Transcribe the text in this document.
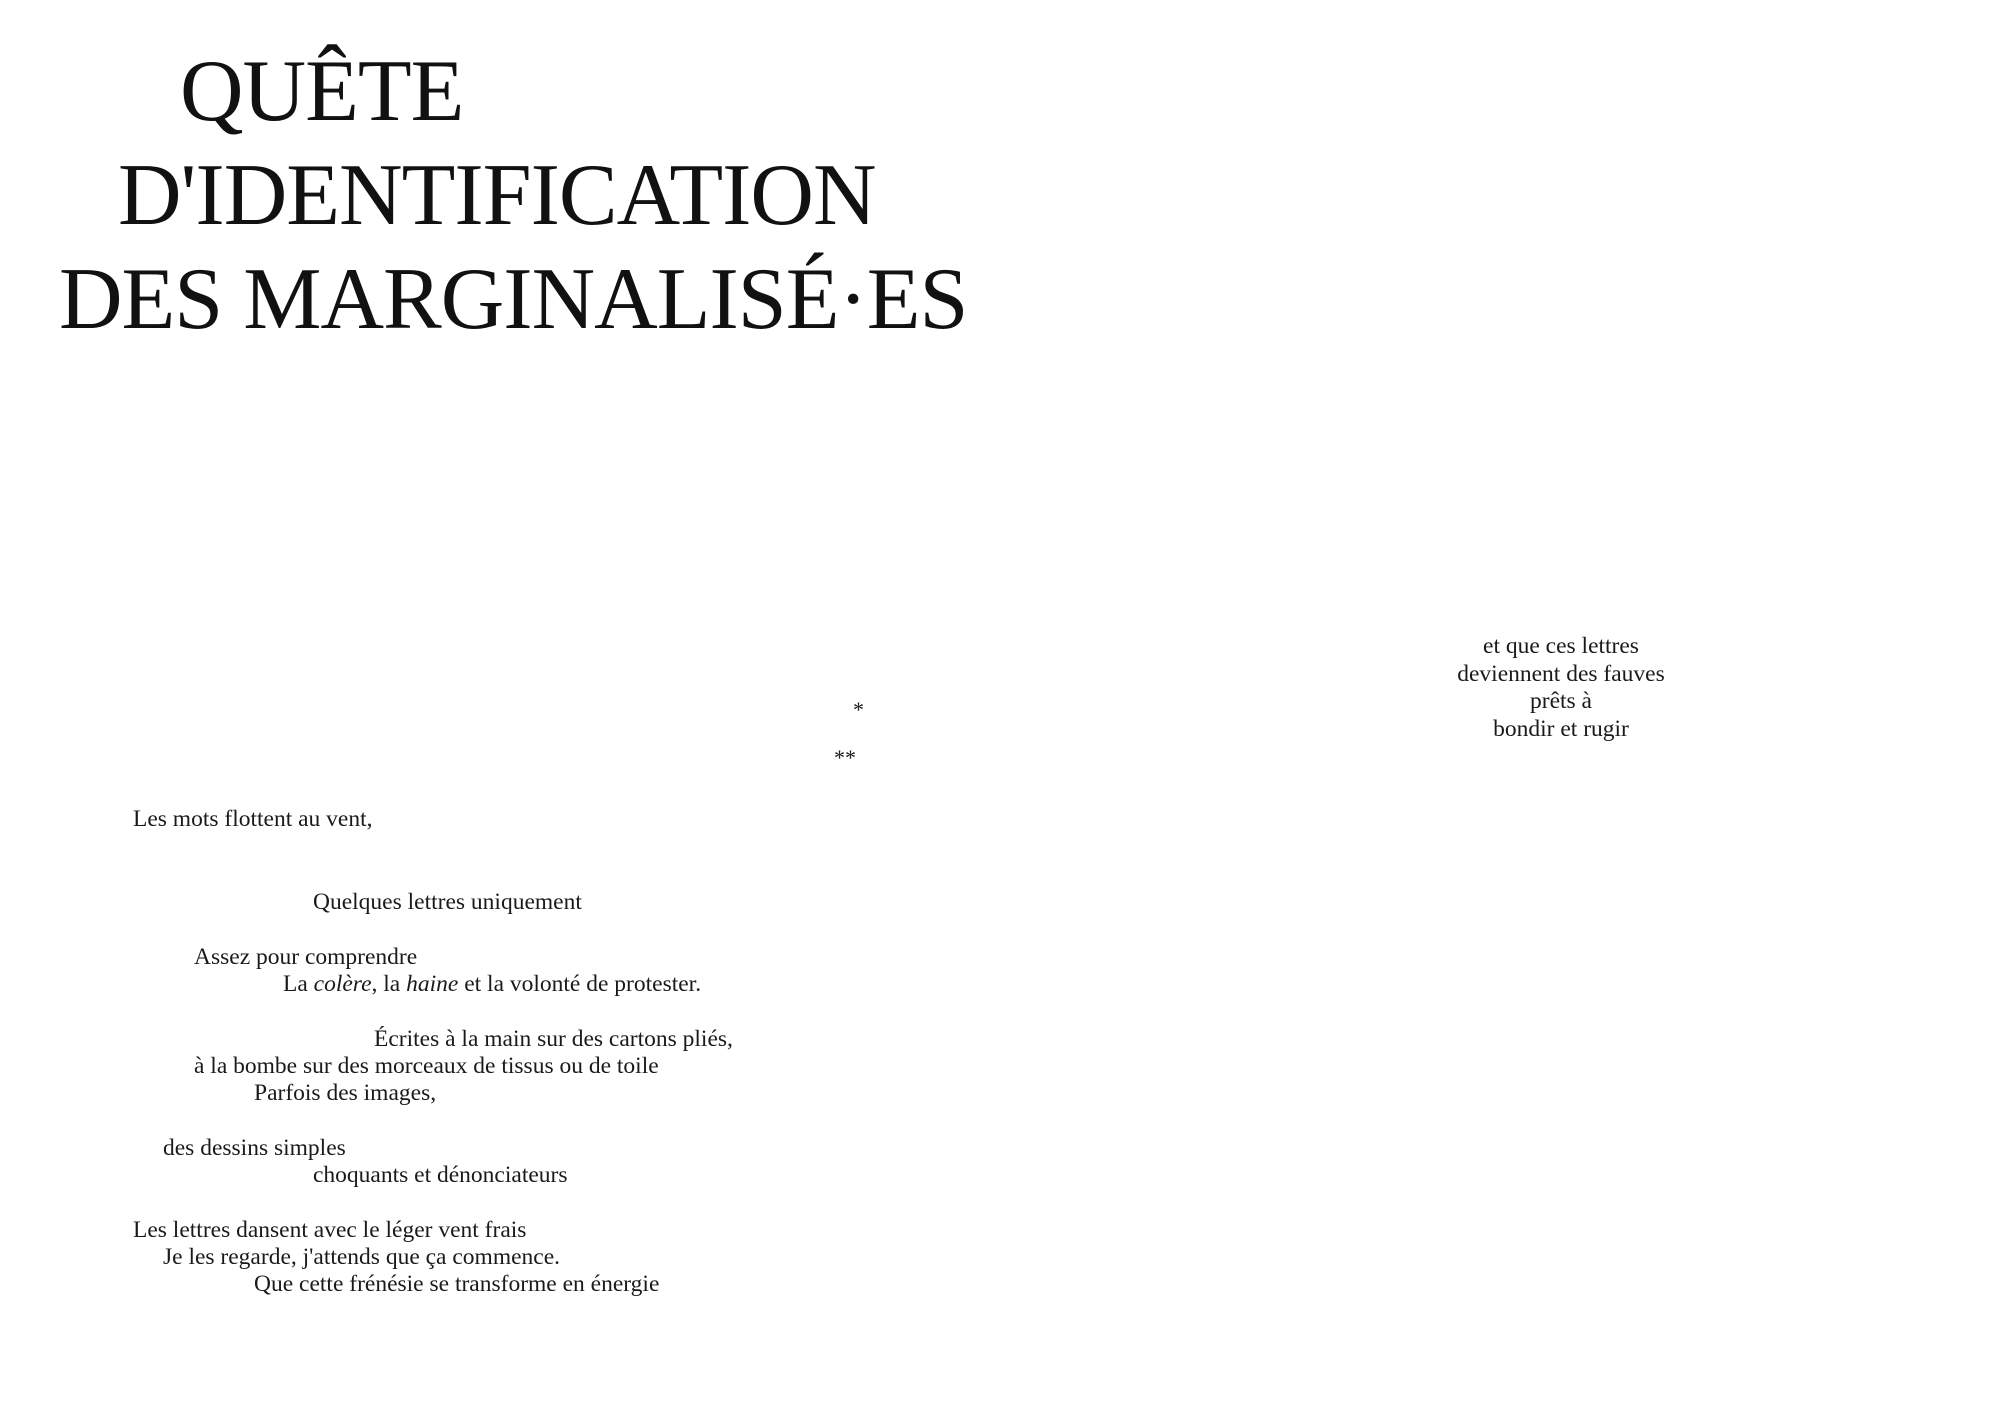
QUÊTE
D'IDENTIFICATION
DES MARGINALISÉ·ES
*
**
et que ces lettres
deviennent des fauves
prêts à
bondir et rugir
Les mots flottent au vent,
Quelques lettres uniquement
Assez pour comprendre
La colère, la haine et la volonté de protester.
Écrites à la main sur des cartons pliés,
à la bombe sur des morceaux de tissus ou de toile
Parfois des images,
des dessins simples
choquants et dénonciateurs
Les lettres dansent avec le léger vent frais
Je les regarde, j'attends que ça commence.
Que cette frénésie se transforme en énergie
